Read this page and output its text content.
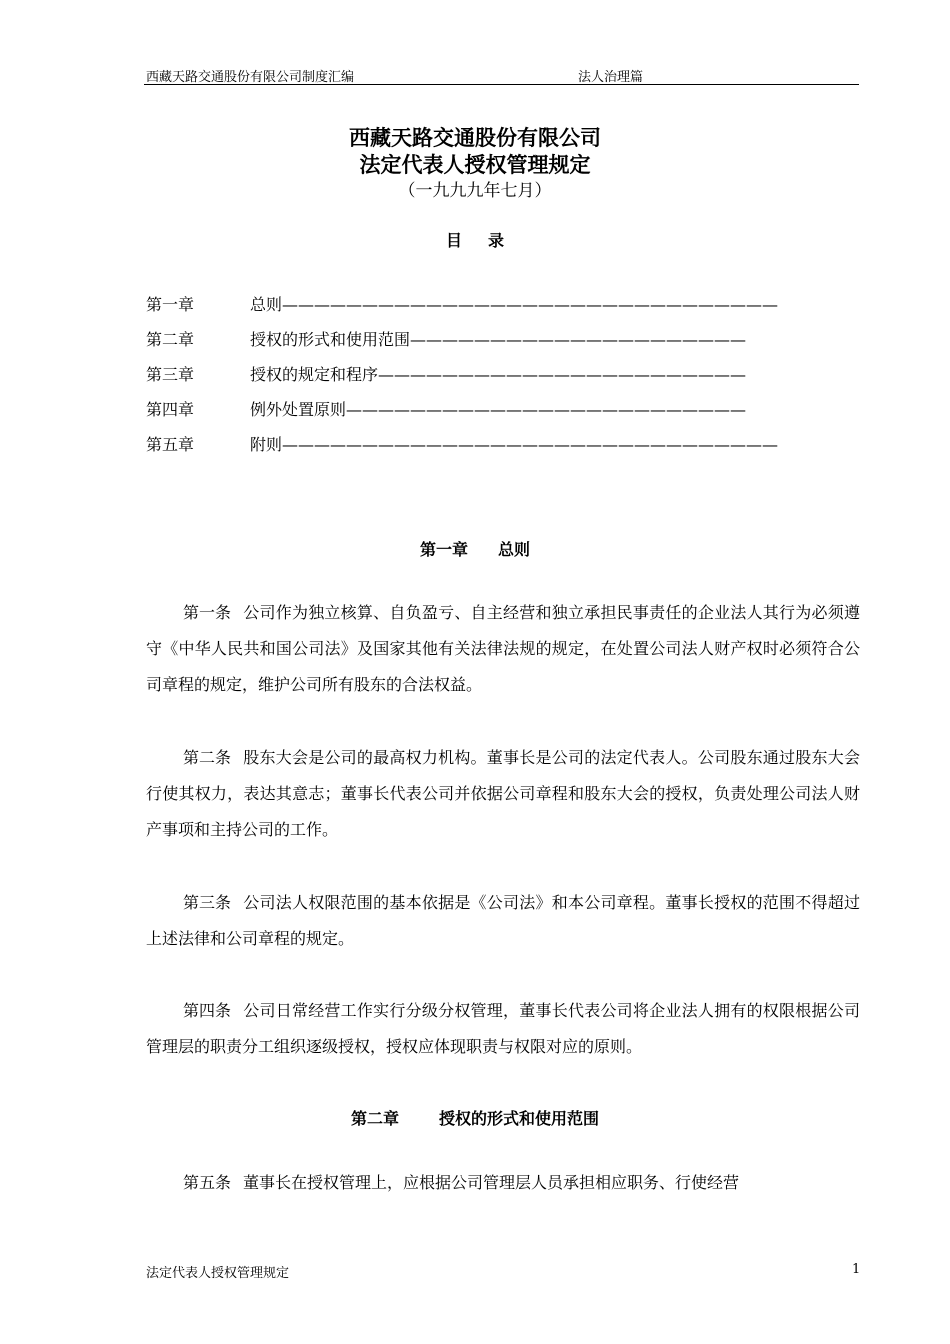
西藏天路交通股份有限公司制度汇编	法人治理篇
西藏天路交通股份有限公司
法定代表人授权管理规定
（一九九九年七月）
目 录
第一章	总则———————————————————————————————
第二章	授权的形式和使用范围—————————————————————
第三章	授权的规定和程序———————————————————————
第四章	例外处置原则—————————————————————————
第五章	附则———————————————————————————————
第一章 总则
第一条 公司作为独立核算、自负盈亏、自主经营和独立承担民事责任的企业法人其行为必须遵守《中华人民共和国公司法》及国家其他有关法律法规的规定，在处置公司法人财产权时必须符合公司章程的规定，维护公司所有股东的合法权益。
第二条 股东大会是公司的最高权力机构。董事长是公司的法定代表人。公司股东通过股东大会行使其权力，表达其意志；董事长代表公司并依据公司章程和股东大会的授权，负责处理公司法人财产事项和主持公司的工作。
第三条 公司法人权限范围的基本依据是《公司法》和本公司章程。董事长授权的范围不得超过上述法律和公司章程的规定。
第四条 公司日常经营工作实行分级分权管理，董事长代表公司将企业法人拥有的权限根据公司管理层的职责分工组织逐级授权，授权应体现职责与权限对应的原则。
第二章	授权的形式和使用范围
第五条 董事长在授权管理上，应根据公司管理层人员承担相应职务、行使经营
法定代表人授权管理规定	1
